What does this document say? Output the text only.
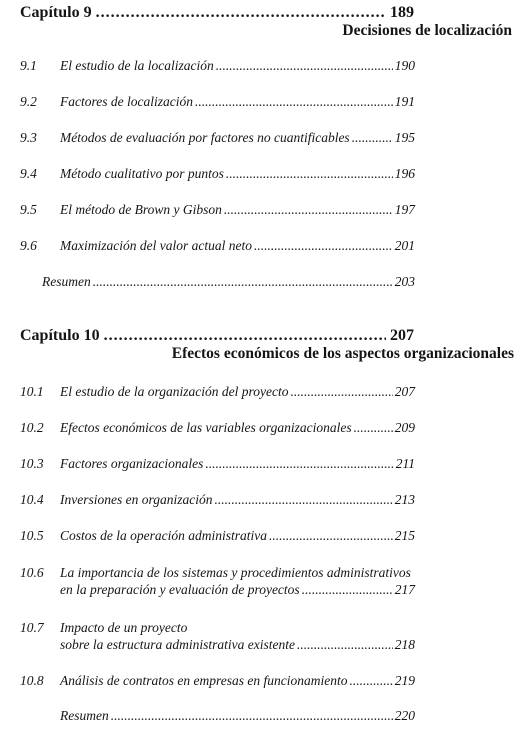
Capítulo 9 .....	189
Decisiones de localización
9.1 El estudio de la localización .....	190
9.2 Factores de localización .....	191
9.3 Métodos de evaluación por factores no cuantificables .....	195
9.4 Método cualitativo por puntos .....	196
9.5 El método de Brown y Gibson .....	197
9.6 Maximización del valor actual neto .....	201
Resumen .....	203
Capítulo 10 .....	207
Efectos económicos de los aspectos organizacionales
10.1 El estudio de la organización del proyecto .....	207
10.2 Efectos económicos de las variables organizacionales .....	209
10.3 Factores organizacionales .....	211
10.4 Inversiones en organización .....	213
10.5 Costos de la operación administrativa .....	215
10.6 La importancia de los sistemas y procedimientos administrativos
en la preparación y evaluación de proyectos .....	217
10.7 Impacto de un proyecto
sobre la estructura administrativa existente .....	218
10.8 Análisis de contratos en empresas en funcionamiento .....	219
Resumen .....	220
